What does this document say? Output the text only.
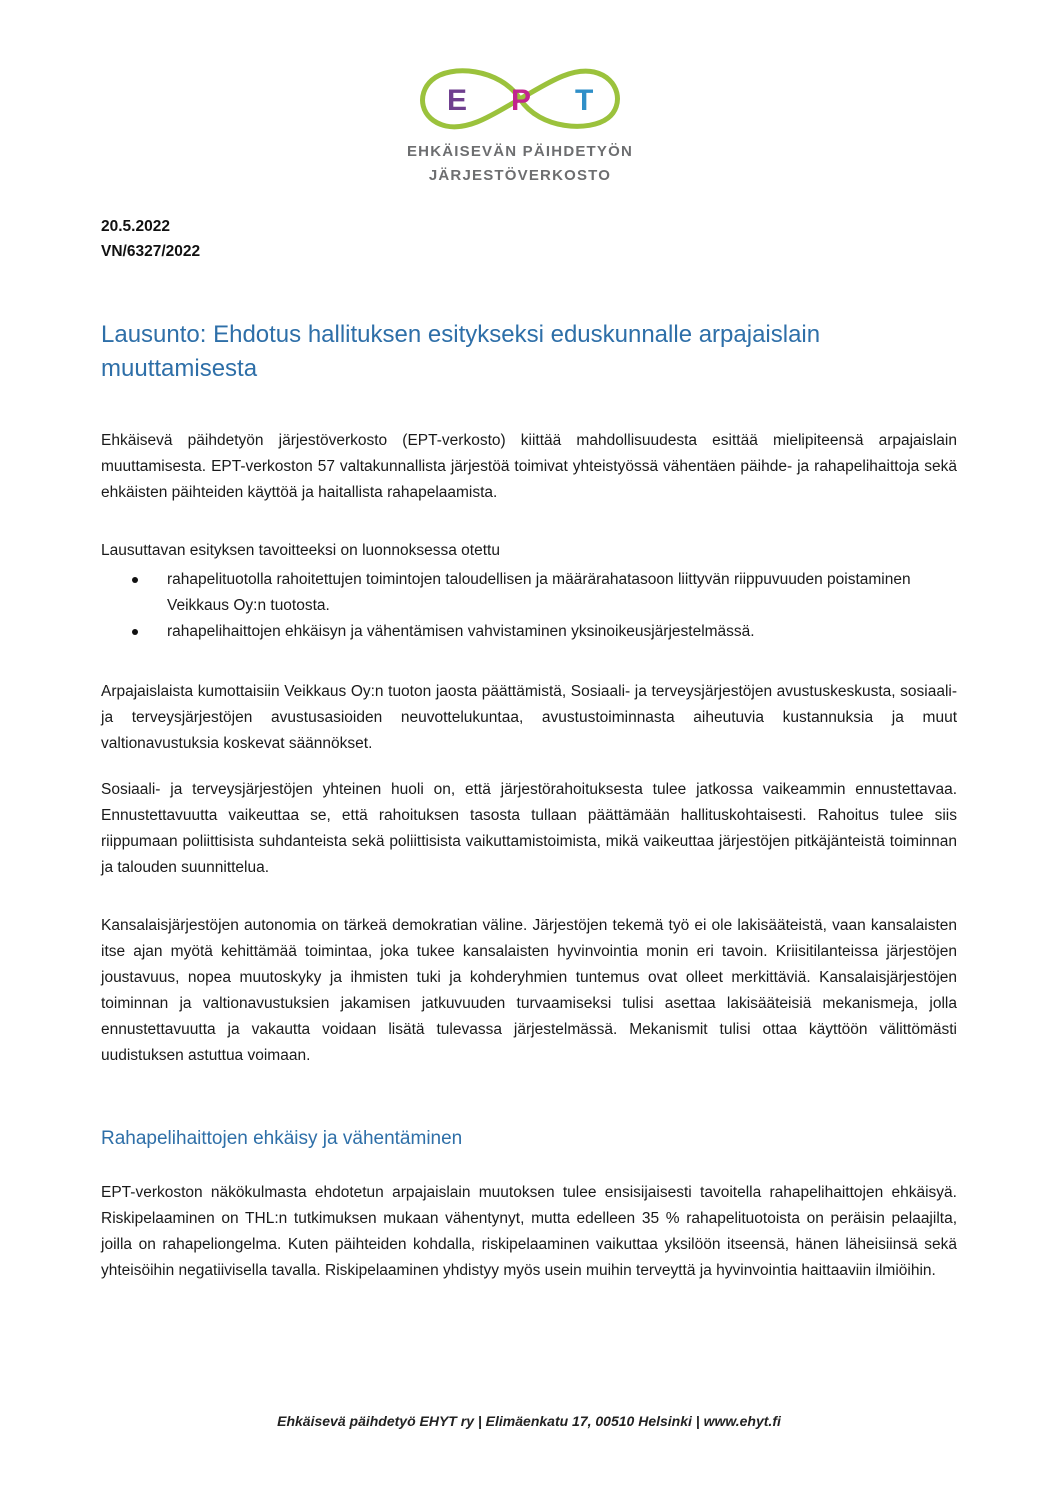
E P T
EHKÄISEVÄN PÄIHDETYÖN
JÄRJESTÖVERKOSTO
20.5.2022
VN/6327/2022
Lausunto: Ehdotus hallituksen esitykseksi eduskunnalle arpajaislain muuttamisesta

Ehkäisevä päihdetyön järjestöverkosto (EPT-verkosto) kiittää mahdollisuudesta esittää mielipiteensä arpajaislain muuttamisesta. EPT-verkoston 57 valtakunnallista järjestöä toimivat yhteistyössä vähentäen päihde- ja rahapelihaittoja sekä ehkäisten päihteiden käyttöä ja haitallista rahapelaamista.

Lausuttavan esityksen tavoitteeksi on luonnoksessa otettu

rahapelituotolla rahoitettujen toimintojen taloudellisen ja määrärahatasoon liittyvän riippuvuuden poistaminen Veikkaus Oy:n tuotosta.
rahapelihaittojen ehkäisyn ja vähentämisen vahvistaminen yksinoikeusjärjestelmässä.

Arpajaislaista kumottaisiin Veikkaus Oy:n tuoton jaosta päättämistä, Sosiaali- ja terveysjärjestöjen avustuskeskusta, sosiaali- ja terveysjärjestöjen avustusasioiden neuvottelukuntaa, avustustoiminnasta aiheutuvia kustannuksia ja muut valtionavustuksia koskevat säännökset.

Sosiaali- ja terveysjärjestöjen yhteinen huoli on, että järjestörahoituksesta tulee jatkossa vaikeammin ennustettavaa. Ennustettavuutta vaikeuttaa se, että rahoituksen tasosta tullaan päättämään hallituskohtaisesti. Rahoitus tulee siis riippumaan poliittisista suhdanteista sekä poliittisista vaikuttamistoimista, mikä vaikeuttaa järjestöjen pitkäjänteistä toiminnan ja talouden suunnittelua.

Kansalaisjärjestöjen autonomia on tärkeä demokratian väline. Järjestöjen tekemä työ ei ole lakisääteistä, vaan kansalaisten itse ajan myötä kehittämää toimintaa, joka tukee kansalaisten hyvinvointia monin eri tavoin. Kriisitilanteissa järjestöjen joustavuus, nopea muutoskyky ja ihmisten tuki ja kohderyhmien tuntemus ovat olleet merkittäviä. Kansalaisjärjestöjen toiminnan ja valtionavustuksien jakamisen jatkuvuuden turvaamiseksi tulisi asettaa lakisääteisiä mekanismeja, jolla ennustettavuutta ja vakautta voidaan lisätä tulevassa järjestelmässä. Mekanismit tulisi ottaa käyttöön välittömästi uudistuksen astuttua voimaan.

Rahapelihaittojen ehkäisy ja vähentäminen

EPT-verkoston näkökulmasta ehdotetun arpajaislain muutoksen tulee ensisijaisesti tavoitella rahapelihaittojen ehkäisyä. Riskipelaaminen on THL:n tutkimuksen mukaan vähentynyt, mutta edelleen 35 % rahapelituotoista on peräisin pelaajilta, joilla on rahapeliongelma. Kuten päihteiden kohdalla, riskipelaaminen vaikuttaa yksilöön itseensä, hänen läheisiinsä sekä yhteisöihin negatiivisella tavalla. Riskipelaaminen yhdistyy myös usein muihin terveyttä ja hyvinvointia haittaaviin ilmiöihin.

Ehkäisevä päihdetyö EHYT ry | Elimäenkatu 17, 00510 Helsinki | www.ehyt.fi
